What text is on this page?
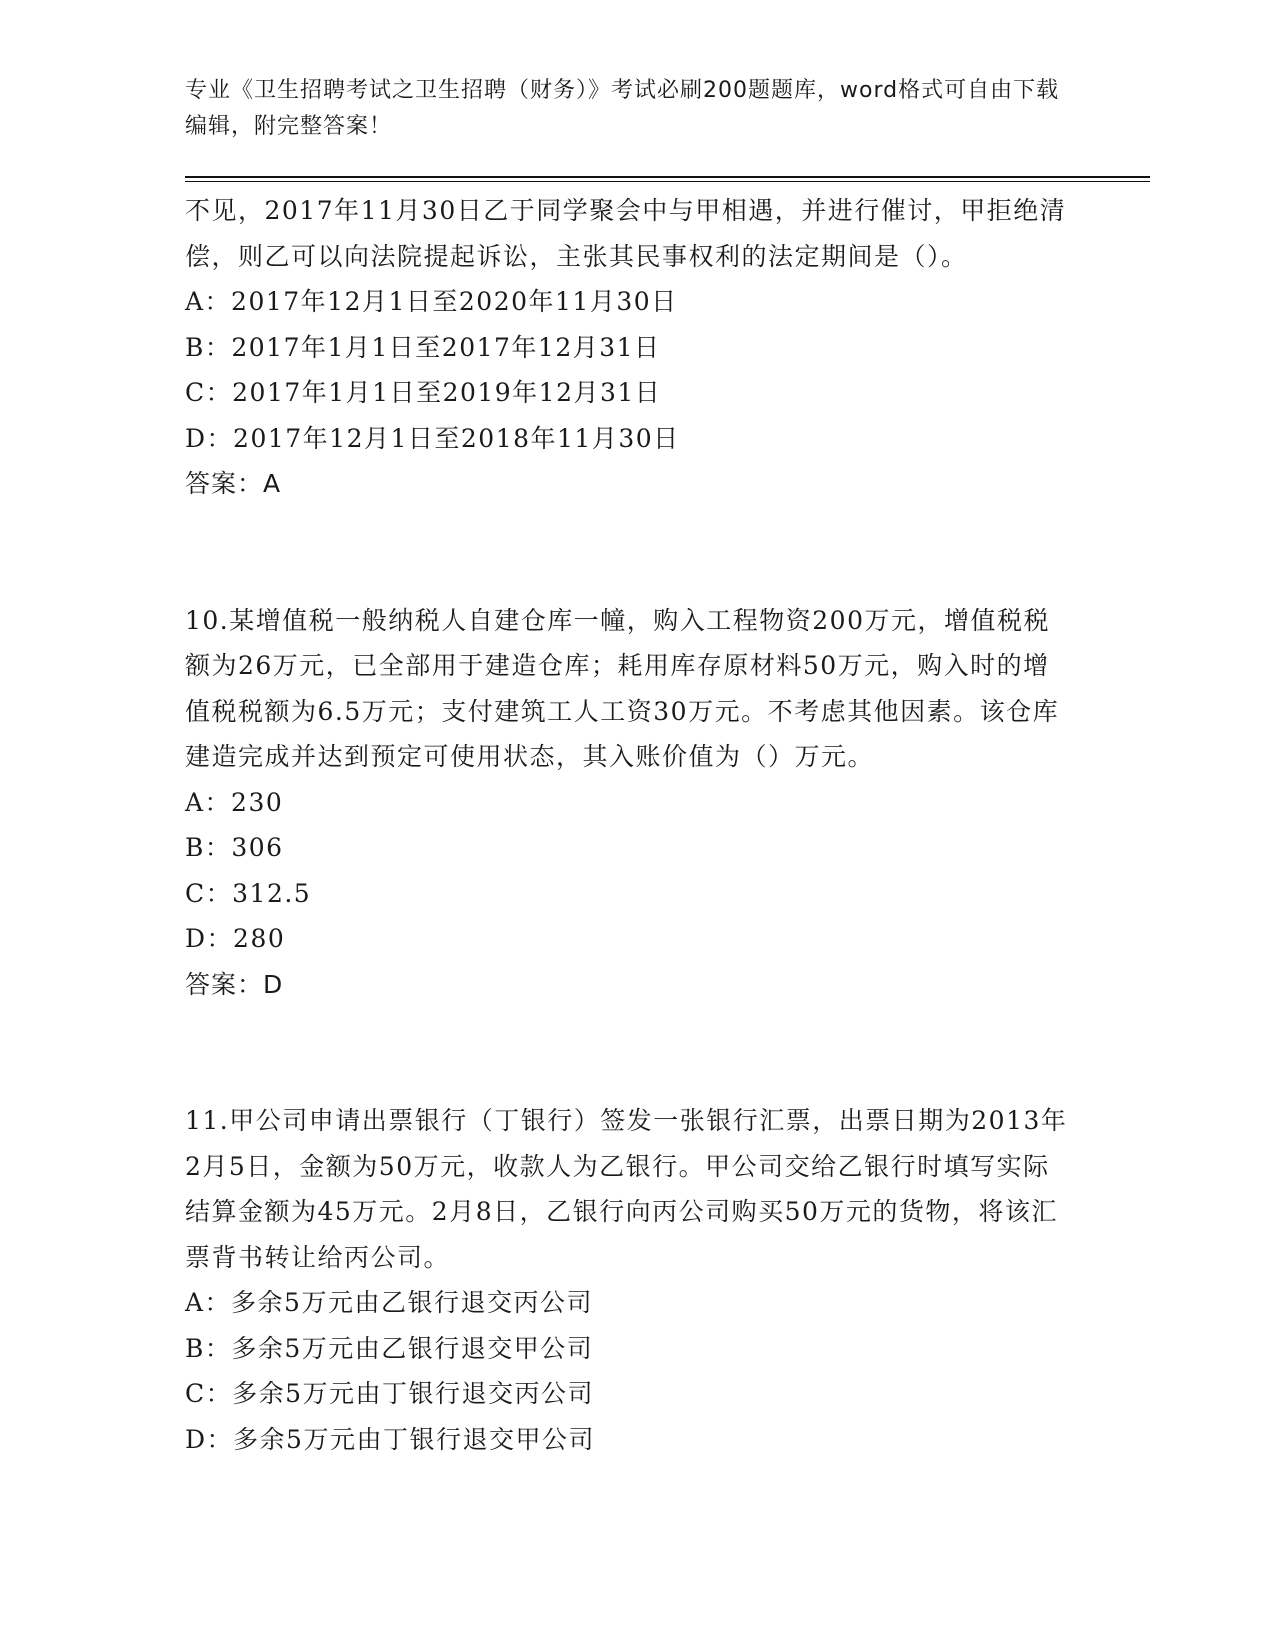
专业《卫生招聘考试之卫生招聘（财务）》考试必刷200题题库，word格式可自由下载编辑，附完整答案！

不见，2017年11月30日乙于同学聚会中与甲相遇，并进行催讨，甲拒绝清偿，则乙可以向法院提起诉讼，主张其民事权利的法定期间是（）。

A：2017年12月1日至2020年11月30日

B：2017年1月1日至2017年12月31日

C：2017年1月1日至2019年12月31日

D：2017年12月1日至2018年11月30日

答案：A

10.某增值税一般纳税人自建仓库一幢，购入工程物资200万元，增值税税额为26万元，已全部用于建造仓库；耗用库存原材料50万元，购入时的增值税税额为6.5万元；支付建筑工人工资30万元。不考虑其他因素。该仓库建造完成并达到预定可使用状态，其入账价值为（）万元。

A：230

B：306

C：312.5

D：280

答案：D

11.甲公司申请出票银行（丁银行）签发一张银行汇票，出票日期为2013年2月5日，金额为50万元，收款人为乙银行。甲公司交给乙银行时填写实际结算金额为45万元。2月8日，乙银行向丙公司购买50万元的货物，将该汇票背书转让给丙公司。

A：多余5万元由乙银行退交丙公司

B：多余5万元由乙银行退交甲公司

C：多余5万元由丁银行退交丙公司

D：多余5万元由丁银行退交甲公司
